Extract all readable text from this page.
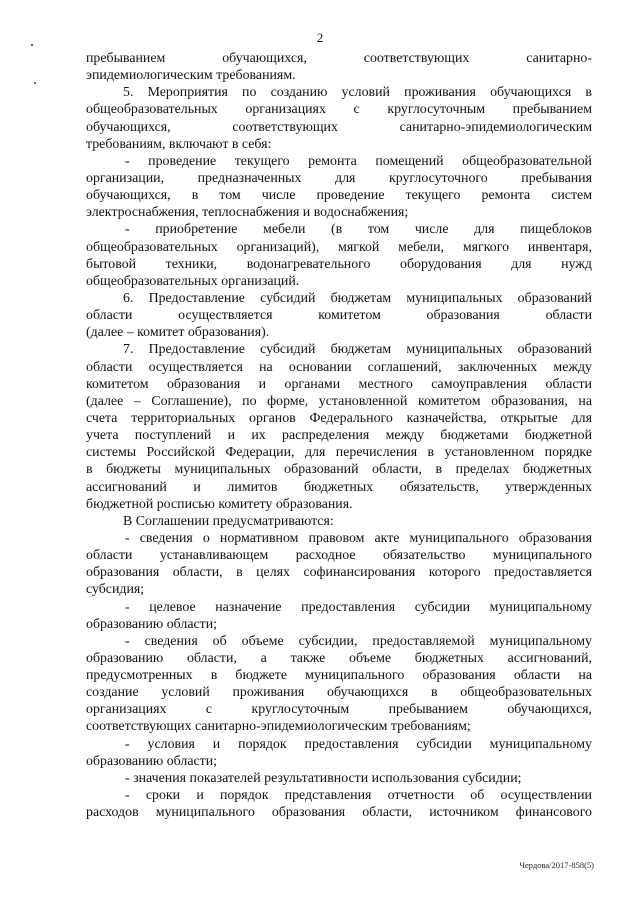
2
пребыванием обучающихся, соответствующих санитарно-
эпидемиологическим требованиям.
5. Мероприятия по созданию условий проживания обучающихся в
общеобразовательных организациях с круглосуточным пребыванием
обучающихся, соответствующих санитарно-эпидемиологическим
требованиям, включают в себя:
- проведение текущего ремонта помещений общеобразовательной
организации, предназначенных для круглосуточного пребывания
обучающихся, в том числе проведение текущего ремонта систем
электроснабжения, теплоснабжения и водоснабжения;
- приобретение мебели (в том числе для пищеблоков
общеобразовательных организаций), мягкой мебели, мягкого инвентаря,
бытовой техники, водонагревательного оборудования для нужд
общеобразовательных организаций.
6. Предоставление субсидий бюджетам муниципальных образований
области осуществляется комитетом образования области
(далее – комитет образования).
7. Предоставление субсидий бюджетам муниципальных образований
области осуществляется на основании соглашений, заключенных между
комитетом образования и органами местного самоуправления области
(далее – Соглашение), по форме, установленной комитетом образования, на
счета территориальных органов Федерального казначейства, открытые для
учета поступлений и их распределения между бюджетами бюджетной
системы Российской Федерации, для перечисления в установленном порядке
в бюджеты муниципальных образований области, в пределах бюджетных
ассигнований и лимитов бюджетных обязательств, утвержденных
бюджетной росписью комитету образования.
В Соглашении предусматриваются:
- сведения о нормативном правовом акте муниципального образования
области устанавливающем расходное обязательство муниципального
образования области, в целях софинансирования которого предоставляется
субсидия;
- целевое назначение предоставления субсидии муниципальному
образованию области;
- сведения об объеме субсидии, предоставляемой муниципальному
образованию области, а также объеме бюджетных ассигнований,
предусмотренных в бюджете муниципального образования области на
создание условий проживания обучающихся в общеобразовательных
организациях с круглосуточным пребыванием обучающихся,
соответствующих санитарно-эпидемиологическим требованиям;
- условия и порядок предоставления субсидии муниципальному
образованию области;
- значения показателей результативности использования субсидии;
- сроки и порядок представления отчетности об осуществлении
расходов муниципального образования области, источником финансового
Чердова/2017-858(5)
